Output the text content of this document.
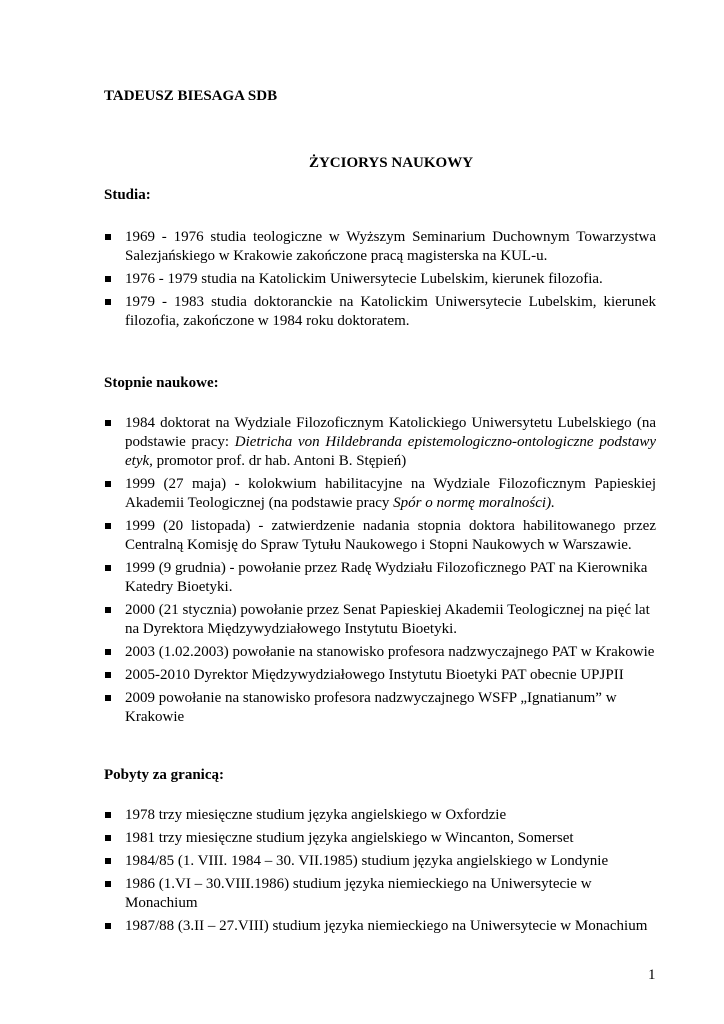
TADEUSZ BIESAGA SDB
ŻYCIORYS NAUKOWY
Studia:
1969 - 1976 studia teologiczne w Wyższym Seminarium Duchownym Towarzystwa Salezjańskiego w Krakowie zakończone pracą magisterska na KUL-u.
1976 - 1979 studia na Katolickim Uniwersytecie Lubelskim, kierunek filozofia.
1979 - 1983 studia doktoranckie na Katolickim Uniwersytecie Lubelskim, kierunek filozofia, zakończone w 1984 roku doktoratem.
Stopnie naukowe:
1984 doktorat na Wydziale Filozoficznym Katolickiego Uniwersytetu Lubelskiego (na podstawie pracy: Dietricha von Hildebranda epistemologiczno-ontologiczne podstawy etyk, promotor prof. dr hab. Antoni B. Stępień)
1999 (27 maja) - kolokwium habilitacyjne na Wydziale Filozoficznym Papieskiej Akademii Teologicznej (na podstawie pracy Spór o normę moralności).
1999 (20 listopada) - zatwierdzenie nadania stopnia doktora habilitowanego przez Centralną Komisję do Spraw Tytułu Naukowego i Stopni Naukowych w Warszawie.
1999 (9 grudnia) - powołanie przez Radę Wydziału Filozoficznego PAT na Kierownika Katedry Bioetyki.
2000 (21 stycznia) powołanie przez Senat Papieskiej Akademii Teologicznej na pięć lat na Dyrektora Międzywydziałowego Instytutu Bioetyki.
2003 (1.02.2003) powołanie na stanowisko profesora nadzwyczajnego PAT w Krakowie
2005-2010 Dyrektor Międzywydziałowego Instytutu Bioetyki PAT obecnie UPJPII
2009 powołanie na stanowisko profesora nadzwyczajnego WSFP „Ignatianum” w Krakowie
Pobyty za granicą:
1978 trzy miesięczne studium języka angielskiego w Oxfordzie
1981 trzy miesięczne studium języka angielskiego w Wincanton, Somerset
1984/85 (1. VIII. 1984 – 30. VII.1985) studium języka angielskiego w Londynie
1986 (1.VI – 30.VIII.1986) studium języka niemieckiego na Uniwersytecie w Monachium
1987/88 (3.II – 27.VIII) studium języka niemieckiego na Uniwersytecie w Monachium
1
